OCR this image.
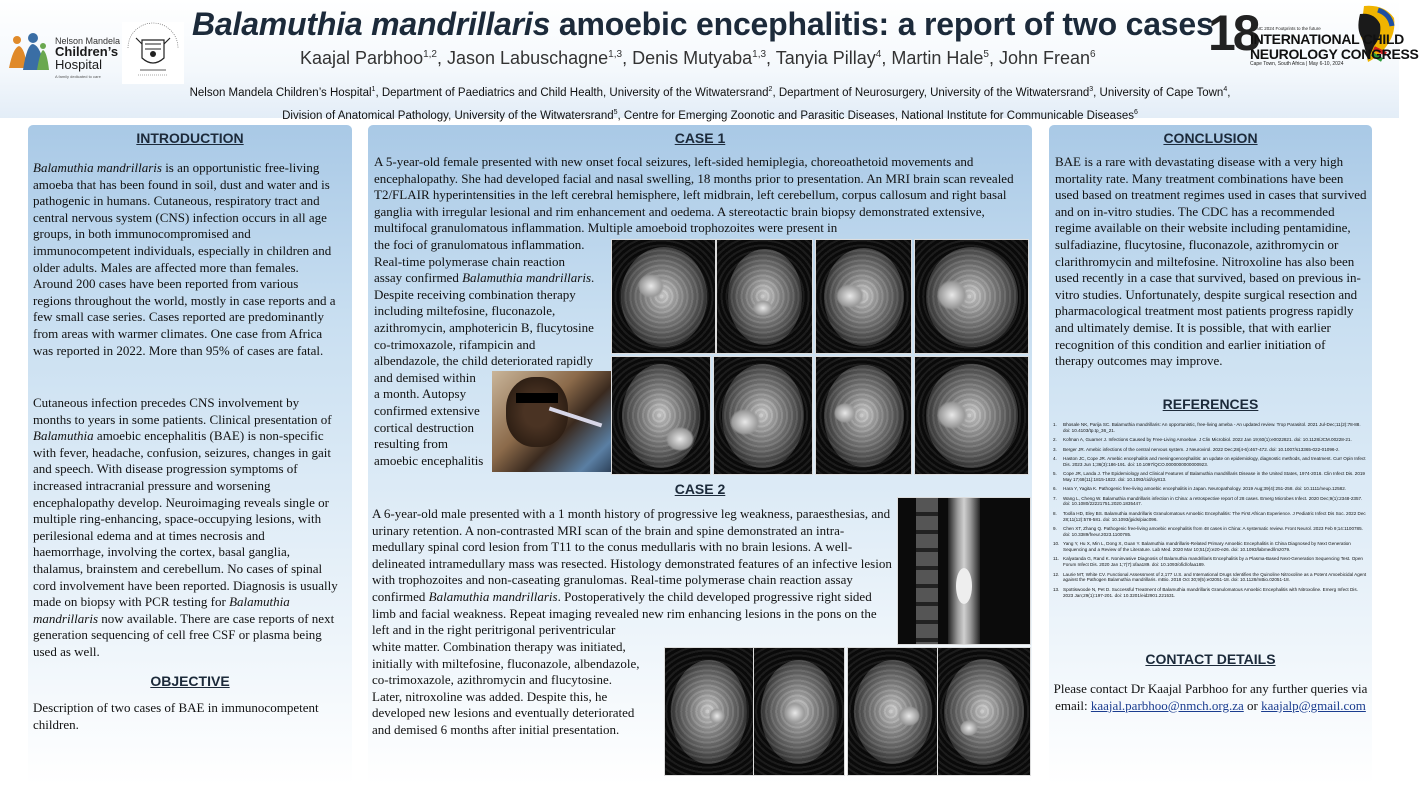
Nelson Mandela
Children’s
Hospital
A family dedicated to care
Balamuthia mandrillaris amoebic encephalitis: a report of two cases
Kaajal Parbhoo$^{1,2}$, Jason Labuschagne$^{1,3}$, Denis Mutyaba$^{1,3}$, Tanyia Pillay$^4$, Martin Hale$^5$, John Frean$^6$
Nelson Mandela Children’s Hospital$^1$, Department of Paediatrics and Child Health, University of the Witwatersrand$^2$, Department of Neurosurgery, University of the Witwatersrand$^3$, University of Cape Town$^4$, Division of Anatomical Pathology, University of the Witwatersrand$^5$, Centre for Emerging Zoonotic and Parasitic Diseases, National Institute for Communicable Diseases$^6$
18
ICNC 2024 Footprints to the future
INTERNATIONAL CHILD
NEUROLOGY CONGRESS
Cape Town, South Africa | May 6-10, 2024
INTRODUCTION
Balamuthia mandrillaris is an opportunistic free-living amoeba that has been found in soil, dust and water and is pathogenic in humans. Cutaneous, respiratory tract and central nervous system (CNS) infection occurs in all age groups, in both immunocompromised and immunocompetent individuals, especially in children and older adults. Males are affected more than females. Around 200 cases have been reported from various regions throughout the world, mostly in case reports and a few small case series. Cases reported are predominantly from areas with warmer climates. One case from Africa was reported in 2022. More than 95% of cases are fatal.
Cutaneous infection precedes CNS involvement by months to years in some patients. Clinical presentation of Balamuthia amoebic encephalitis (BAE) is non-specific with fever, headache, confusion, seizures, changes in gait and speech. With disease progression symptoms of increased intracranial pressure and worsening encephalopathy develop. Neuroimaging reveals single or multiple ring-enhancing, space-occupying lesions, with perilesional edema and at times necrosis and haemorrhage, involving the cortex, basal ganglia, thalamus, brainstem and cerebellum. No cases of spinal cord involvement have been reported. Diagnosis is usually made on biopsy with PCR testing for Balamuthia mandrillaris now available. There are case reports of next generation sequencing of cell free CSF or plasma being used as well.
OBJECTIVE
Description of two cases of BAE in immunocompetent children.
CASE 1
A 5-year-old female presented with new onset focal seizures, left-sided hemiplegia, choreoathetoid movements and encephalopathy. She had developed facial and nasal swelling, 18 months prior to presentation. An MRI brain scan revealed T2/FLAIR hyperintensities in the left cerebral hemisphere, left midbrain, left cerebellum, corpus callosum and right basal ganglia with irregular lesional and rim enhancement and oedema. A stereotactic brain biopsy demonstrated extensive, multifocal granulomatous inflammation. Multiple amoeboid trophozoites were present in
the foci of granulomatous inflammation.
Real-time polymerase chain reaction
assay confirmed Balamuthia mandrillaris.
Despite receiving combination therapy
including miltefosine, fluconazole,
azithromycin, amphotericin B, flucytosine
co-trimoxazole, rifampicin and
albendazole, the child deteriorated rapidly
and demised within
a month. Autopsy
confirmed extensive
cortical destruction
resulting from
amoebic encephalitis
CASE 2
A 6-year-old male presented with a 1 month history of progressive leg weakness, paraesthesias, and urinary retention. A non-contrasted MRI scan of the brain and spine demonstrated an intra-medullary spinal cord lesion from T11 to the conus medullaris with no brain lesions. A well-delineated intramedullary mass was resected. Histology demonstrated features of an infective lesion with trophozoites and non-caseating granulomas. Real-time polymerase chain reaction assay confirmed Balamuthia mandrillaris. Postoperatively the child developed progressive right sided limb and facial weakness. Repeat imaging revealed new rim enhancing lesions in the pons on the left and in the right peritrigonal periventricular
white matter. Combination therapy was initiated,
initially with miltefosine, fluconazole, albendazole,
co-trimoxazole, azithromycin and flucytosine.
Later, nitroxoline was added. Despite this, he
developed new lesions and eventually deteriorated
and demised 6 months after initial presentation.
CONCLUSION
BAE is a rare with devastating disease with a very high mortality rate. Many treatment combinations have been used based on treatment regimes used in cases that survived and on in-vitro studies. The CDC has a recommended regime available on their website including pentamidine, sulfadiazine, flucytosine, fluconazole, azithromycin or clarithromycin and miltefosine. Nitroxoline has also been used recently in a case that survived, based on previous in-vitro studies. Unfortunately, despite surgical resection and pharmacological treatment most patients progress rapidly and ultimately demise. It is possible, that with earlier recognition of this condition and earlier initiation of therapy outcomes may improve.
REFERENCES
1.	Bhosale NK, Parija SC. Balamuthia mandrillaris: An opportunistic, free-living ameba - An updated review. Trop Parasitol. 2021 Jul-Dec;11(2):78-88. doi: 10.4103/tp.tp_36_21.
2.	Kofman A, Guarner J. Infections Caused by Free-Living Amoebae. J Clin Microbiol. 2022 Jan 19;60(1):e0022821. doi: 10.1128/JCM.00228-21.
3.	Berger JR. Amebic infections of the central nervous system. J Neurovirol. 2022 Dec;28(4-6):467-472. doi: 10.1007/s13365-022-01096-z.
4.	Haston JC, Cope JR. Amebic encephalitis and meningoencephalitis: an update on epidemiology, diagnostic methods, and treatment. Curr Opin Infect Dis. 2023 Jun 1;36(3):186-191. doi: 10.1097/QCO.0000000000000923.
5.	Cope JR, Landa J. The Epidemiology and Clinical Features of Balamuthia mandrillaris Disease in the United States, 1974-2016. Clin Infect Dis. 2019 May 17;68(11):1815-1822. doi: 10.1093/cid/ciy813.
6.	Hara Y, Yagita K. Pathogenic free-living amoebic encephalitis in Japan. Neuropathology. 2019 Aug;39(4):251-258. doi: 10.1111/neup.12582.
7.	Wang L, Cheng W. Balamuthia mandrillaris infection in China: a retrospective report of 28 cases. Emerg Microbes Infect. 2020 Dec;9(1):2348-2357. doi: 10.1080/22221751.2020.1835447.
8.	Toolla HD, Eley BS. Balamuthia mandrillaris Granulomatous Amoebic Encephalitis: The First African Experience. J Pediatric Infect Dis Soc. 2022 Dec 28;11(12):578-581. doi: 10.1093/jpids/piac096.
9.	Chen XT, Zhang Q. Pathogenic free-living amoebic encephalitis from 48 cases in China: A systematic review. Front Neurol. 2023 Feb 9;14:1100785. doi: 10.3389/fneur.2023.1100785.
10. Yang Y, Hu X, Min L, Dong X, Guan Y. Balamuthia mandrillaris-Related Primary Amoebic Encephalitis in China Diagnosed by Next Generation Sequencing and a Review of the Literature. Lab Med. 2020 Mar 10;51(2):e20-e26. doi: 10.1093/labmed/lmz079.
11. Kalyatanda G, Rand K. Noninvasive Diagnosis of Balamuthia mandrillaris Encephalitis by a Plasma-Based Next-Generation Sequencing Test. Open Forum Infect Dis. 2020 Jan 1;7(7):ofaa189. doi: 10.1093/ofid/ofaa189.
12. Laurie MT, White CV. Functional Assessment of 2,177 U.S. and International Drugs Identifies the Quinoline Nitroxoline as a Potent Amoebicidal Agent against the Pathogen Balamuthia mandrillaris. mBio. 2018 Oct 30;9(5):e02051-18. doi: 10.1128/mBio.02051-18.
13. Spottiswoode N, Pet D. Successful Treatment of Balamuthia mandrillaris Granulomatous Amoebic Encephalitis with Nitroxoline. Emerg Infect Dis. 2023 Jan;29(1):197-201. doi: 10.3201/eid2901.221531.
CONTACT DETAILS
Please contact Dr Kaajal Parbhoo for any further queries via
email: kaajal.parbhoo@nmch.org.za or kaajalp@gmail.com
